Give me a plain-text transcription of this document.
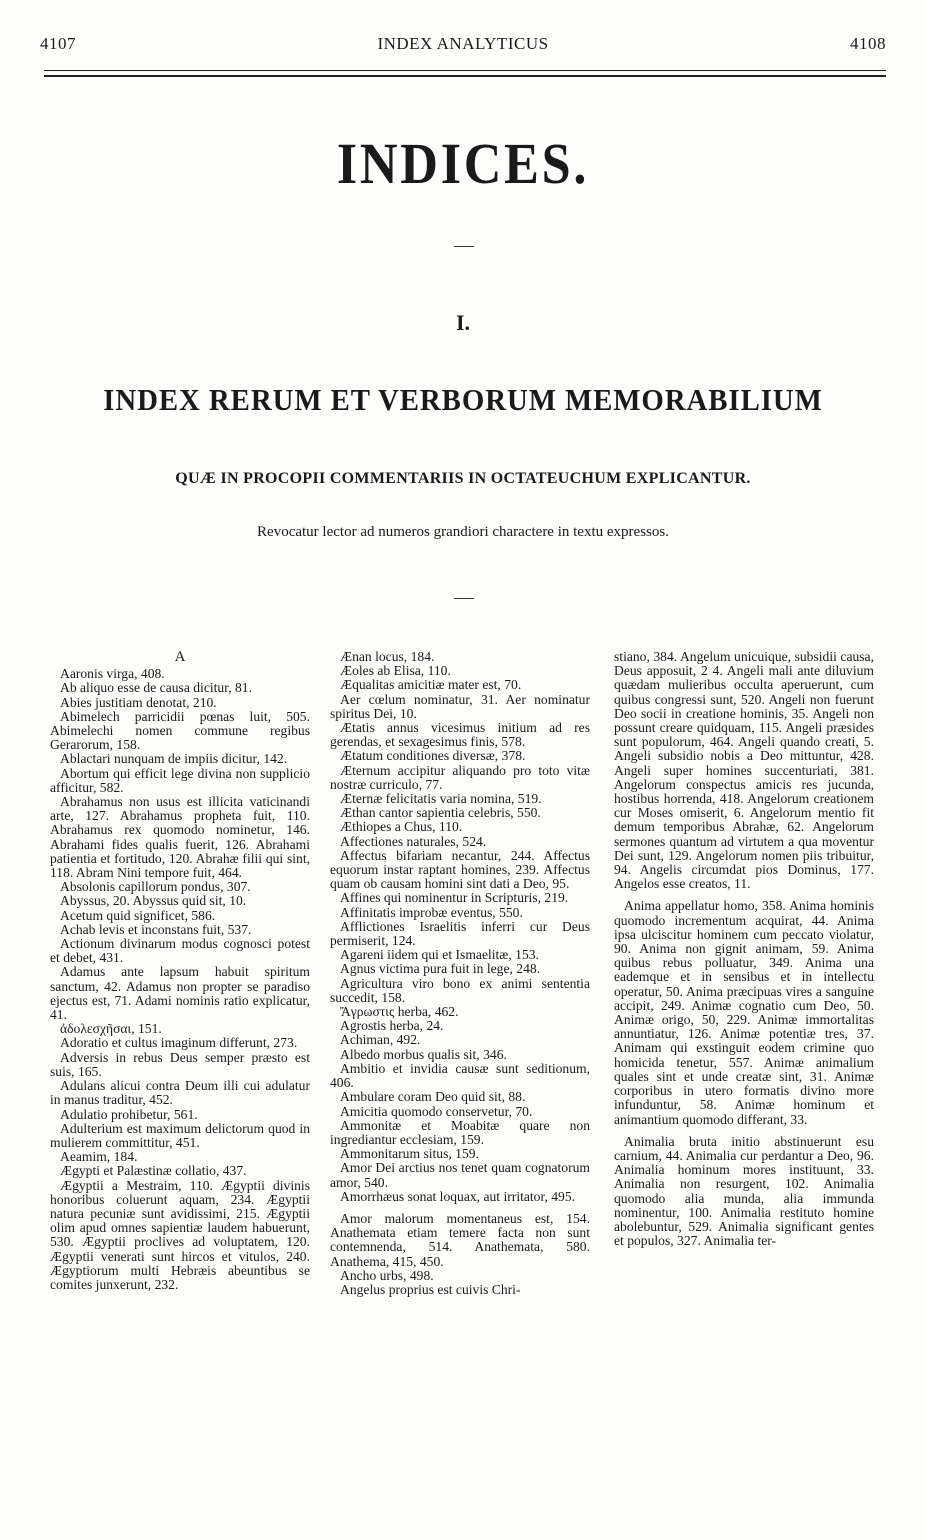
4107	INDEX ANALYTICUS	4108
INDICES.
I.
INDEX RERUM ET VERBORUM MEMORABILIUM
QUÆ IN PROCOPII COMMENTARIIS IN OCTATEUCHUM EXPLICANTUR.
Revocatur lector ad numeros grandiori charactere in textu expressos.
A

Aaronis virga, 408.

Ab aliquo esse de causa dicitur, 81.

Abies justitiam denotat, 210.

Abimelech parricidii pœnas luit, 505. Abimelechi nomen commune regibus Gerarorum, 158.

Ablactari nunquam de impiis dicitur, 142.

Abortum qui efficit lege divina non supplicio afficitur, 582.

Abrahamus non usus est illicita vaticinandi arte, 127. Abrahamus propheta fuit, 110. Abrahamus rex quomodo nominetur, 146. Abrahami fides qualis fuerit, 126. Abrahami patientia et fortitudo, 120. Abrahæ filii qui sint, 118. Abram Nini tempore fuit, 464.

Absolonis capillorum pondus, 307.

Abyssus, 20. Abyssus quid sit, 10.

Acetum quid significet, 586.

Achab levis et inconstans fuit, 537.

Actionum divinarum modus cognosci potest et debet, 431.

Adamus ante lapsum habuit spiritum sanctum, 42. Adamus non propter se paradiso ejectus est, 71. Adami nominis ratio explicatur, 41.

ἀδολεσχῆσαι, 151.

Adoratio et cultus imaginum differunt, 273.

Adversis in rebus Deus semper præsto est suis, 165.

Adulans alicui contra Deum illi cui adulatur in manus traditur, 452.

Adulatio prohibetur, 561.

Adulterium est maximum delictorum quod in mulierem committitur, 451.

Aeamim, 184.

Ægypti et Palæstinæ collatio, 437.

Ægyptii a Mestraim, 110. Ægyptii divinis honoribus coluerunt aquam, 234. Ægyptii natura pecuniæ sunt avidissimi, 215. Ægyptii olim apud omnes sapientiæ laudem habuerunt, 530. Ægyptii proclives ad voluptatem, 120. Ægyptii venerati sunt hircos et vitulos, 240. Ægyptiorum multi Hebræis abeuntibus se comites junxerunt, 232.

Ænan locus, 184.

Æoles ab Elisa, 110.

Æqualitas amicitiæ mater est, 70.

Aer cœlum nominatur, 31. Aer nominatur spiritus Dei, 10.

Ætatis annus vicesimus initium ad res gerendas, et sexagesimus finis, 578.

Ætatum conditiones diversæ, 378.

Æternum accipitur aliquando pro toto vitæ nostræ curriculo, 77.

Æternæ felicitatis varia nomina, 519.

Æthan cantor sapientia celebris, 550.

Æthiopes a Chus, 110.

Affectiones naturales, 524.

Affectus bifariam necantur, 244. Affectus equorum instar raptant homines, 239. Affectus quam ob causam homini sint dati a Deo, 95.

Affines qui nominentur in Scripturis, 219.

Affinitatis improbæ eventus, 550.

Afflictiones Israelitis inferri cur Deus permiserit, 124.

Agareni iidem qui et Ismaelitæ, 153.

Agnus victima pura fuit in lege, 248.

Agricultura viro bono ex animi sententia succedit, 158.

Ἄγρωστις herba, 462.

Agrostis herba, 24.

Achiman, 492.

Albedo morbus qualis sit, 346.

Ambitio et invidia causæ sunt seditionum, 406.

Ambulare coram Deo quid sit, 88.

Amicitia quomodo conservetur, 70.

Ammonitæ et Moabitæ quare non ingrediantur ecclesiam, 159.

Ammonitarum situs, 159.

Amor Dei arctius nos tenet quam cognatorum amor, 540.

Amorrhæus sonat loquax, aut irritator, 495.

Amor malorum momentaneus est, 154. Anathemata etiam temere facta non sunt contemnenda, 514. Anathemata, 580. Anathema, 415, 450.

Ancho urbs, 498.

Angelus proprius est cuivis Chri-

stiano, 384. Angelum unicuique, subsidii causa, Deus apposuit, 2 4. Angeli mali ante diluvium quædam mulieribus occulta aperuerunt, cum quibus congressi sunt, 520. Angeli non fuerunt Deo socii in creatione hominis, 35. Angeli non possunt creare quidquam, 115. Angeli præsides sunt populorum, 464. Angeli quando creati, 5. Angeli subsidio nobis a Deo mittuntur, 428. Angeli super homines succenturiati, 381. Angelorum conspectus amicis res jucunda, hostibus horrenda, 418. Angelorum creationem cur Moses omiserit, 6. Angelorum mentio fit demum temporibus Abrahæ, 62. Angelorum sermones quantum ad virtutem a qua moventur Dei sunt, 129. Angelorum nomen piis tribuitur, 94. Angelis circumdat pios Dominus, 177. Angelos esse creatos, 11.

Anima appellatur homo, 358. Anima hominis quomodo incrementum acquirat, 44. Anima ipsa ulciscitur hominem cum peccato violatur, 90. Anima non gignit animam, 59. Anima quibus rebus polluatur, 349. Anima una eademque et in sensibus et in intellectu operatur, 50. Anima præcipuas vires a sanguine accipit, 249. Animæ cognatio cum Deo, 50. Animæ origo, 50, 229. Animæ immortalitas annuntiatur, 126. Animæ potentiæ tres, 37. Animam qui exstinguit eodem crimine quo homicida tenetur, 557. Animæ animalium quales sint et unde creatæ sint, 31. Animæ corporibus in utero formatis divino more infunduntur, 58. Animæ hominum et animantium quomodo differant, 33.

Animalia bruta initio abstinuerunt esu carnium, 44. Animalia cur perdantur a Deo, 96. Animalia hominum mores instituunt, 33. Animalia non resurgent, 102. Animalia quomodo alia munda, alia immunda nominentur, 100. Animalia restituto homine abolebuntur, 529. Animalia significant gentes et populos, 327. Animalia ter-
